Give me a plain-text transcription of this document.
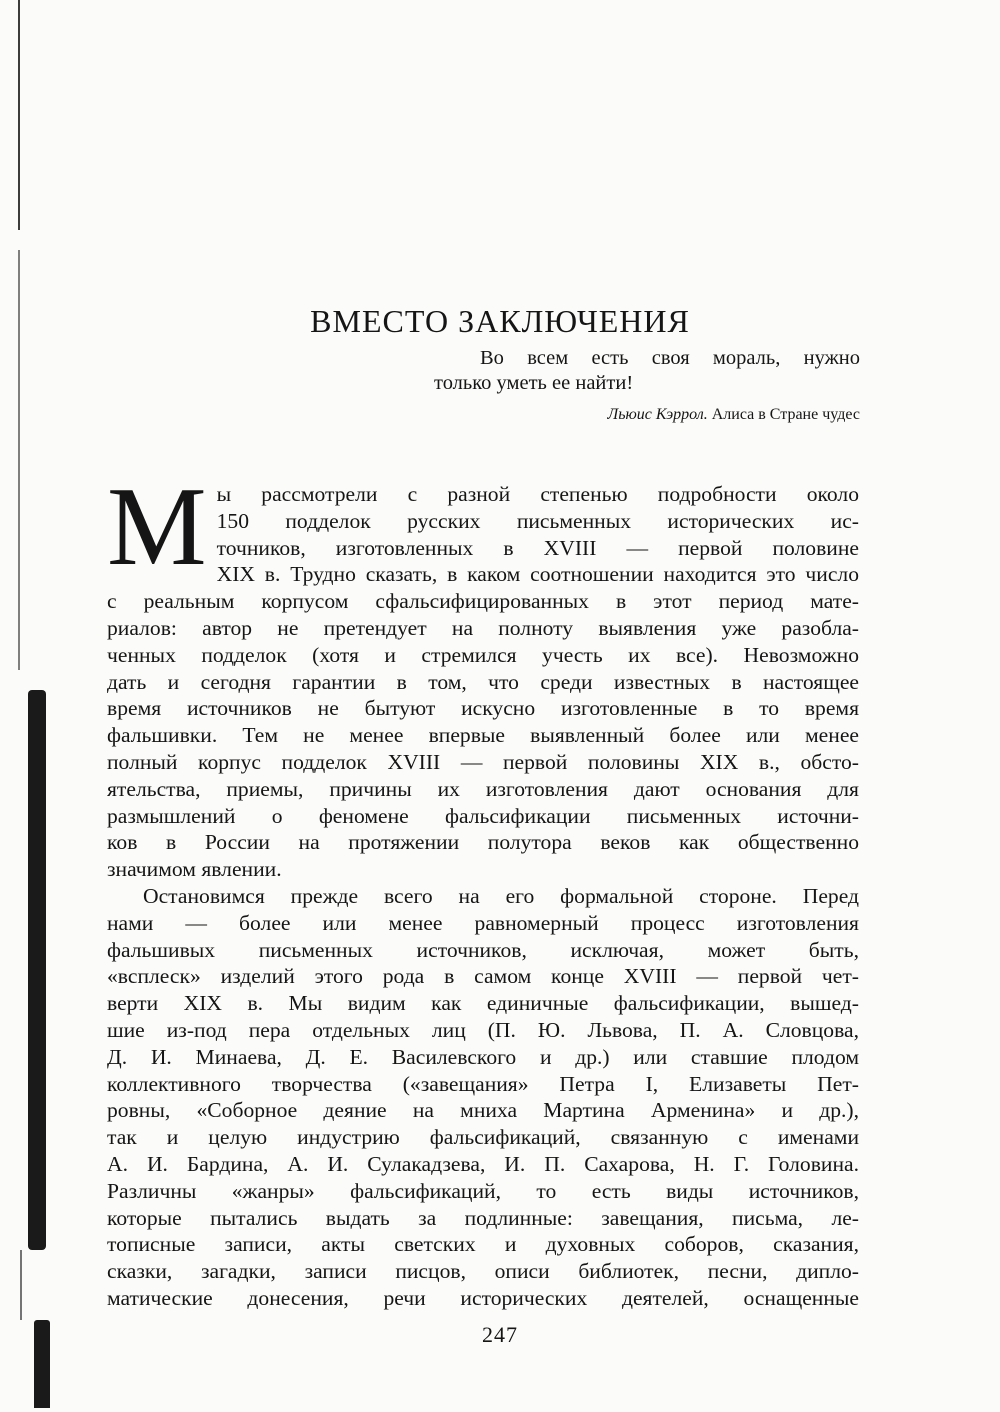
ВМЕСТО ЗАКЛЮЧЕНИЯ
Во всем есть своя мораль, нужно
только уметь ее найти!
Льюис Кэррол. Алиса в Стране чудес

М ы рассмотрели с разной степенью подробности около
150 подделок русских письменных исторических ис-
точников, изготовленных в XVIII — первой половине
XIX в. Трудно сказать, в каком соотношении находится это число
с реальным корпусом сфальсифицированных в этот период мате-
риалов: автор не претендует на полноту выявления уже разобла-
ченных подделок (хотя и стремился учесть их все). Невозможно
дать и сегодня гарантии в том, что среди известных в настоящее
время источников не бытуют искусно изготовленные в то время
фальшивки. Тем не менее впервые выявленный более или менее
полный корпус подделок XVIII — первой половины XIX в., обсто-
ятельства, приемы, причины их изготовления дают основания для
размышлений о феномене фальсификации письменных источни-
ков в России на протяжении полутора веков как общественно
значимом явлении.

Остановимся прежде всего на его формальной стороне. Перед
нами — более или менее равномерный процесс изготовления
фальшивых письменных источников, исключая, может быть,
«всплеск» изделий этого рода в самом конце XVIII — первой чет-
верти XIX в. Мы видим как единичные фальсификации, вышед-
шие из-под пера отдельных лиц (П. Ю. Львова, П. А. Словцова,
Д. И. Минаева, Д. Е. Василевского и др.) или ставшие плодом
коллективного творчества («завещания» Петра I, Елизаветы Пет-
ровны, «Соборное деяние на мниха Мартина Арменина» и др.),
так и целую индустрию фальсификаций, связанную с именами
А. И. Бардина, А. И. Сулакадзева, И. П. Сахарова, Н. Г. Головина.
Различны «жанры» фальсификаций, то есть виды источников,
которые пытались выдать за подлинные: завещания, письма, ле-
тописные записи, акты светских и духовных соборов, сказания,
сказки, загадки, записи писцов, описи библиотек, песни, дипло-
матические донесения, речи исторических деятелей, оснащенные

247
